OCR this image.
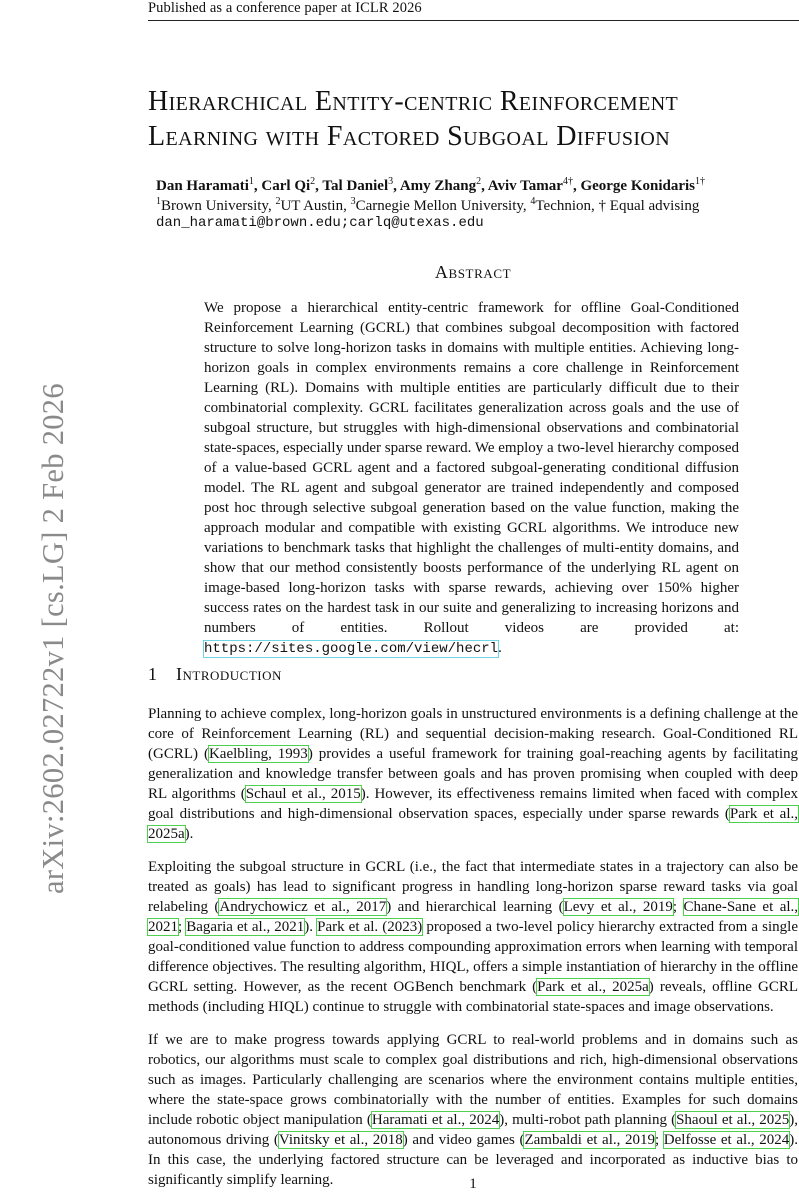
Published as a conference paper at ICLR 2026
arXiv:2602.02722v1 [cs.LG] 2 Feb 2026
Hierarchical Entity-centric Reinforcement
Learning with Factored Subgoal Diffusion
Dan Haramati$^1$, Carl Qi$^2$, Tal Daniel$^3$, Amy Zhang$^2$, Aviv Tamar$^{4\dagger}$, George Konidaris$^{1\dagger}$
$^1$Brown University, $^2$UT Austin, $^3$Carnegie Mellon University, $^4$Technion, † Equal advising
dan_haramati@brown.edu;carlq@utexas.edu
Abstract
We propose a hierarchical entity-centric framework for offline Goal-Conditioned Reinforcement Learning (GCRL) that combines subgoal decomposition with factored structure to solve long-horizon tasks in domains with multiple entities. Achieving long-horizon goals in complex environments remains a core challenge in Reinforcement Learning (RL). Domains with multiple entities are particularly difficult due to their combinatorial complexity. GCRL facilitates generalization across goals and the use of subgoal structure, but struggles with high-dimensional observations and combinatorial state-spaces, especially under sparse reward. We employ a two-level hierarchy composed of a value-based GCRL agent and a factored subgoal-generating conditional diffusion model. The RL agent and subgoal generator are trained independently and composed post hoc through selective subgoal generation based on the value function, making the approach modular and compatible with existing GCRL algorithms. We introduce new variations to benchmark tasks that highlight the challenges of multi-entity domains, and show that our method consistently boosts performance of the underlying RL agent on image-based long-horizon tasks with sparse rewards, achieving over 150% higher success rates on the hardest task in our suite and generalizing to increasing horizons and numbers of entities. Rollout videos are provided at: https://sites.google.com/view/hecrl.
1 Introduction

Planning to achieve complex, long-horizon goals in unstructured environments is a defining challenge at the core of Reinforcement Learning (RL) and sequential decision-making research. Goal-Conditioned RL (GCRL) (Kaelbling, 1993) provides a useful framework for training goal-reaching agents by facilitating generalization and knowledge transfer between goals and has proven promising when coupled with deep RL algorithms (Schaul et al., 2015). However, its effectiveness remains limited when faced with complex goal distributions and high-dimensional observation spaces, especially under sparse rewards (Park et al., 2025a).

Exploiting the subgoal structure in GCRL (i.e., the fact that intermediate states in a trajectory can also be treated as goals) has lead to significant progress in handling long-horizon sparse reward tasks via goal relabeling (Andrychowicz et al., 2017) and hierarchical learning (Levy et al., 2019; Chane-Sane et al., 2021; Bagaria et al., 2021). Park et al. (2023) proposed a two-level policy hierarchy extracted from a single goal-conditioned value function to address compounding approximation errors when learning with temporal difference objectives. The resulting algorithm, HIQL, offers a simple instantiation of hierarchy in the offline GCRL setting. However, as the recent OGBench benchmark (Park et al., 2025a) reveals, offline GCRL methods (including HIQL) continue to struggle with combinatorial state-spaces and image observations.

If we are to make progress towards applying GCRL to real-world problems and in domains such as robotics, our algorithms must scale to complex goal distributions and rich, high-dimensional observations such as images. Particularly challenging are scenarios where the environment contains multiple entities, where the state-space grows combinatorially with the number of entities. Examples for such domains include robotic object manipulation (Haramati et al., 2024), multi-robot path planning (Shaoul et al., 2025), autonomous driving (Vinitsky et al., 2018) and video games (Zambaldi et al., 2019; Delfosse et al., 2024). In this case, the underlying factored structure can be leveraged and incorporated as inductive bias to significantly simplify learning.	1
